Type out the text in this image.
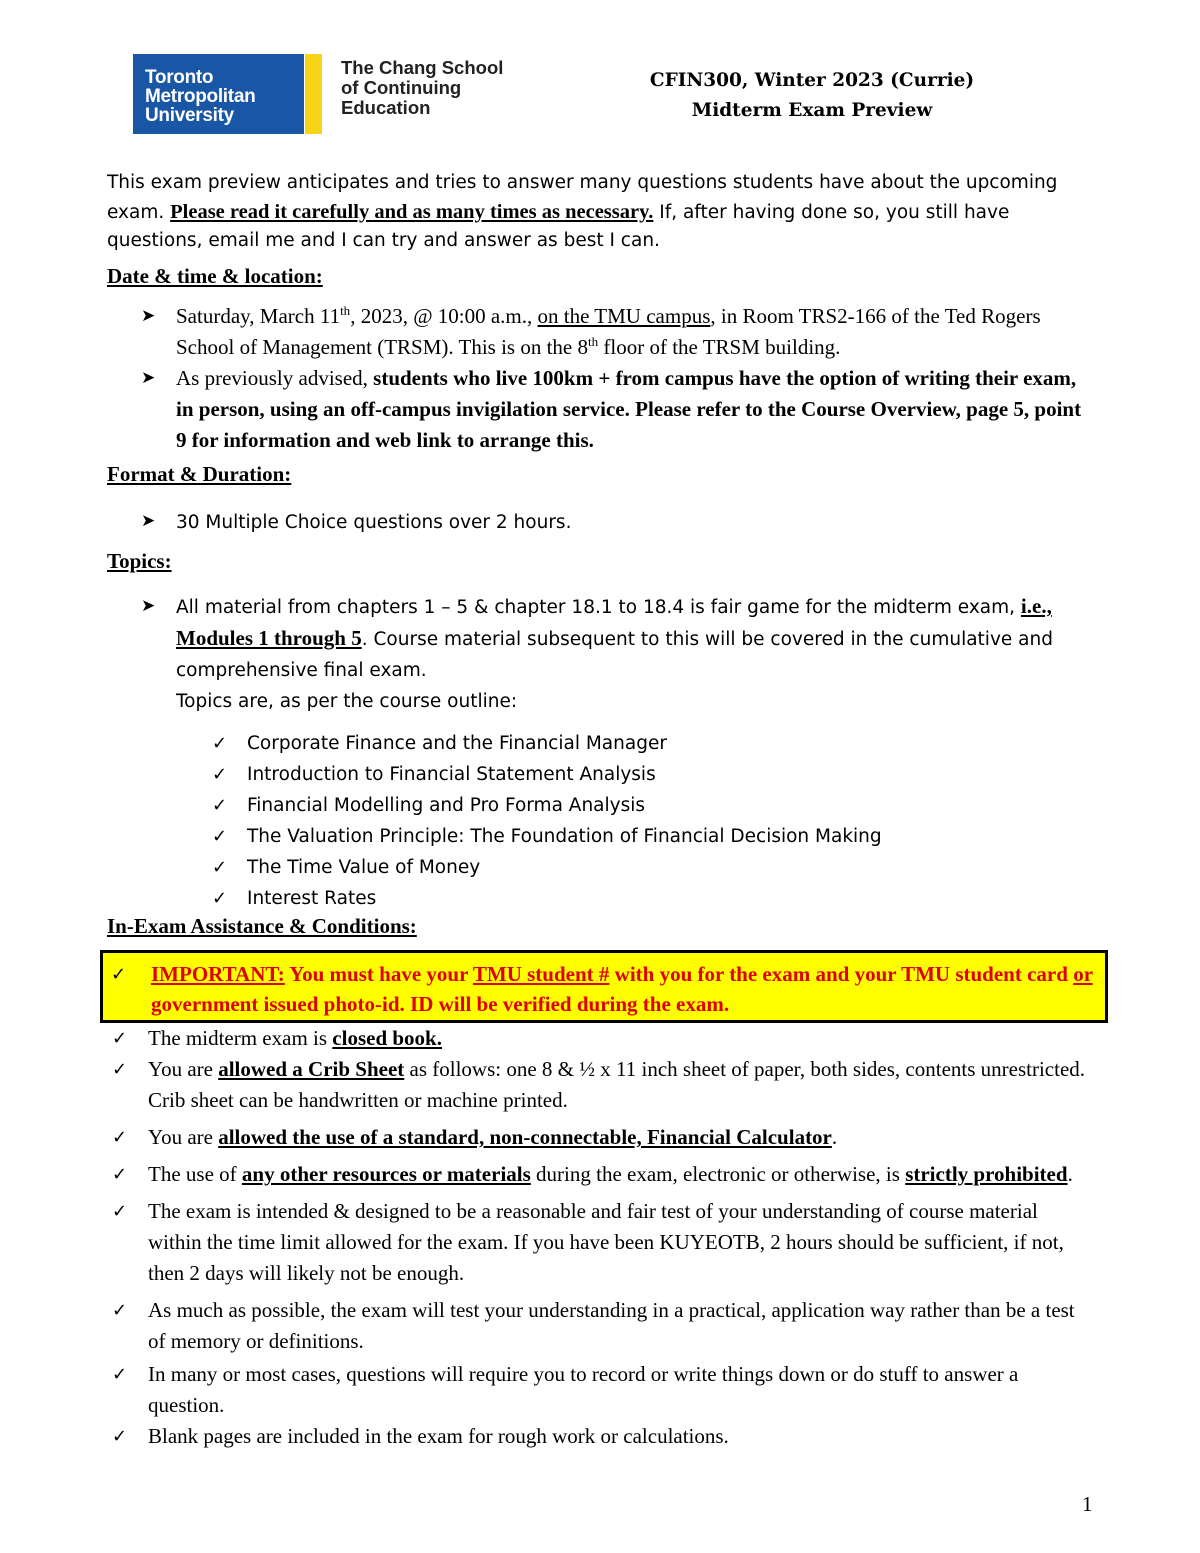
Toronto
Metropolitan
University
The Chang School
of Continuing
Education
CFIN300, Winter 2023 (Currie)
Midterm Exam Preview

This exam preview anticipates and tries to answer many questions students have about the upcoming exam. Please read it carefully and as many times as necessary. If, after having done so, you still have questions, email me and I can try and answer as best I can.

Date & time & location:
➤ Saturday, March 11th, 2023, @ 10:00 a.m., on the TMU campus, in Room TRS2-166 of the Ted Rogers School of Management (TRSM). This is on the 8th floor of the TRSM building.
➤ As previously advised, students who live 100km + from campus have the option of writing their exam, in person, using an off-campus invigilation service. Please refer to the Course Overview, page 5, point 9 for information and web link to arrange this.
Format & Duration:
➤ 30 Multiple Choice questions over 2 hours.
Topics:
➤ All material from chapters 1 – 5 & chapter 18.1 to 18.4 is fair game for the midterm exam, i.e., Modules 1 through 5. Course material subsequent to this will be covered in the cumulative and comprehensive final exam.
Topics are, as per the course outline:
✓ Corporate Finance and the Financial Manager
✓ Introduction to Financial Statement Analysis
✓ Financial Modelling and Pro Forma Analysis
✓ The Valuation Principle: The Foundation of Financial Decision Making
✓ The Time Value of Money
✓ Interest Rates
In-Exam Assistance & Conditions:
✓ IMPORTANT: You must have your TMU student # with you for the exam and your TMU student card or government issued photo-id. ID will be verified during the exam.
✓ The midterm exam is closed book.
✓ You are allowed a Crib Sheet as follows: one 8 & ½ x 11 inch sheet of paper, both sides, contents unrestricted. Crib sheet can be handwritten or machine printed.
✓ You are allowed the use of a standard, non-connectable, Financial Calculator.
✓ The use of any other resources or materials during the exam, electronic or otherwise, is strictly prohibited.
✓ The exam is intended & designed to be a reasonable and fair test of your understanding of course material within the time limit allowed for the exam. If you have been KUYEOTB, 2 hours should be sufficient, if not, then 2 days will likely not be enough.
✓ As much as possible, the exam will test your understanding in a practical, application way rather than be a test of memory or definitions.
✓ In many or most cases, questions will require you to record or write things down or do stuff to answer a question.
✓ Blank pages are included in the exam for rough work or calculations.
1
